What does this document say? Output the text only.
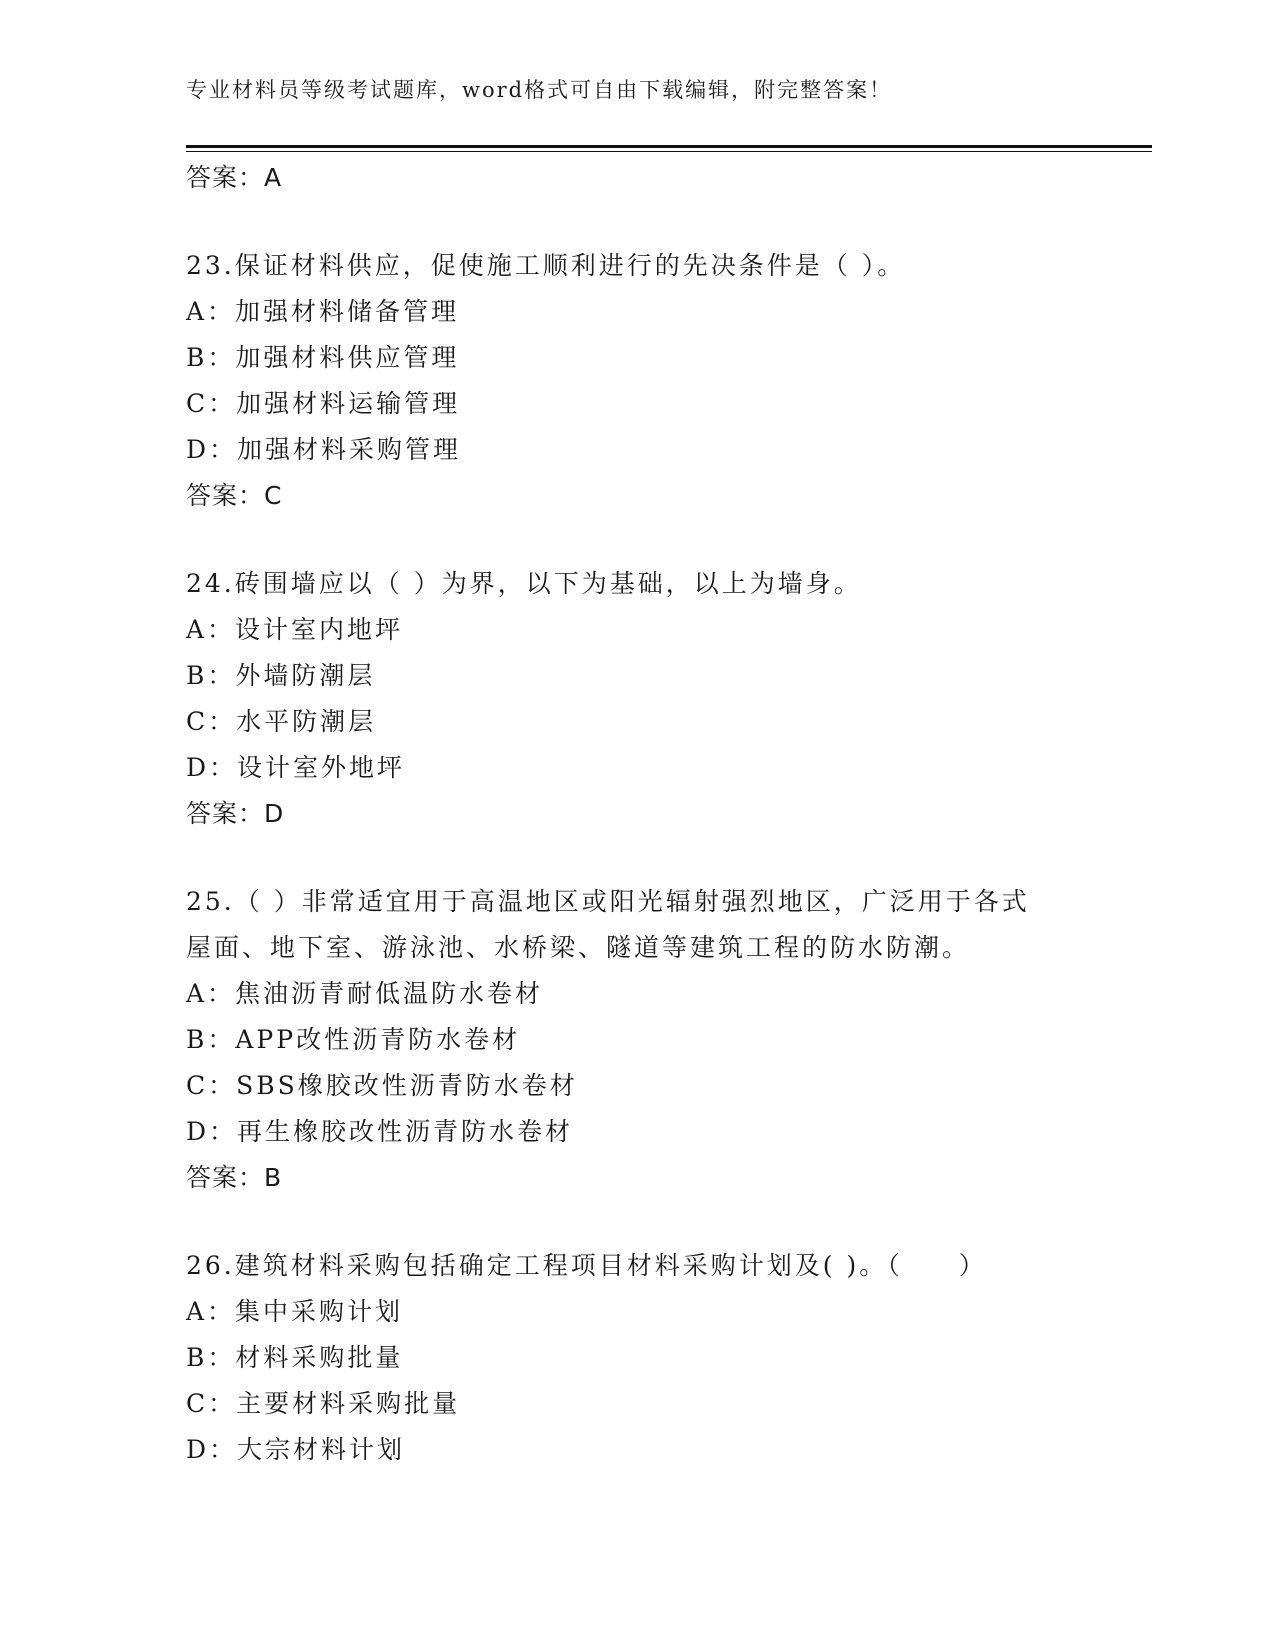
专业材料员等级考试题库，word格式可自由下载编辑，附完整答案！
答案：A
23.保证材料供应，促使施工顺利进行的先决条件是（ ）。
A：加强材料储备管理
B：加强材料供应管理
C：加强材料运输管理
D：加强材料采购管理
答案：C
24.砖围墙应以（ ）为界，以下为基础，以上为墙身。
A：设计室内地坪
B：外墙防潮层
C：水平防潮层
D：设计室外地坪
答案：D
25.（ ）非常适宜用于高温地区或阳光辐射强烈地区，广泛用于各式
屋面、地下室、游泳池、水桥梁、隧道等建筑工程的防水防潮。
A：焦油沥青耐低温防水卷材
B：APP改性沥青防水卷材
C：SBS橡胶改性沥青防水卷材
D：再生橡胶改性沥青防水卷材
答案：B
26.建筑材料采购包括确定工程项目材料采购计划及( )。（　　）
A：集中采购计划
B：材料采购批量
C：主要材料采购批量
D：大宗材料计划
